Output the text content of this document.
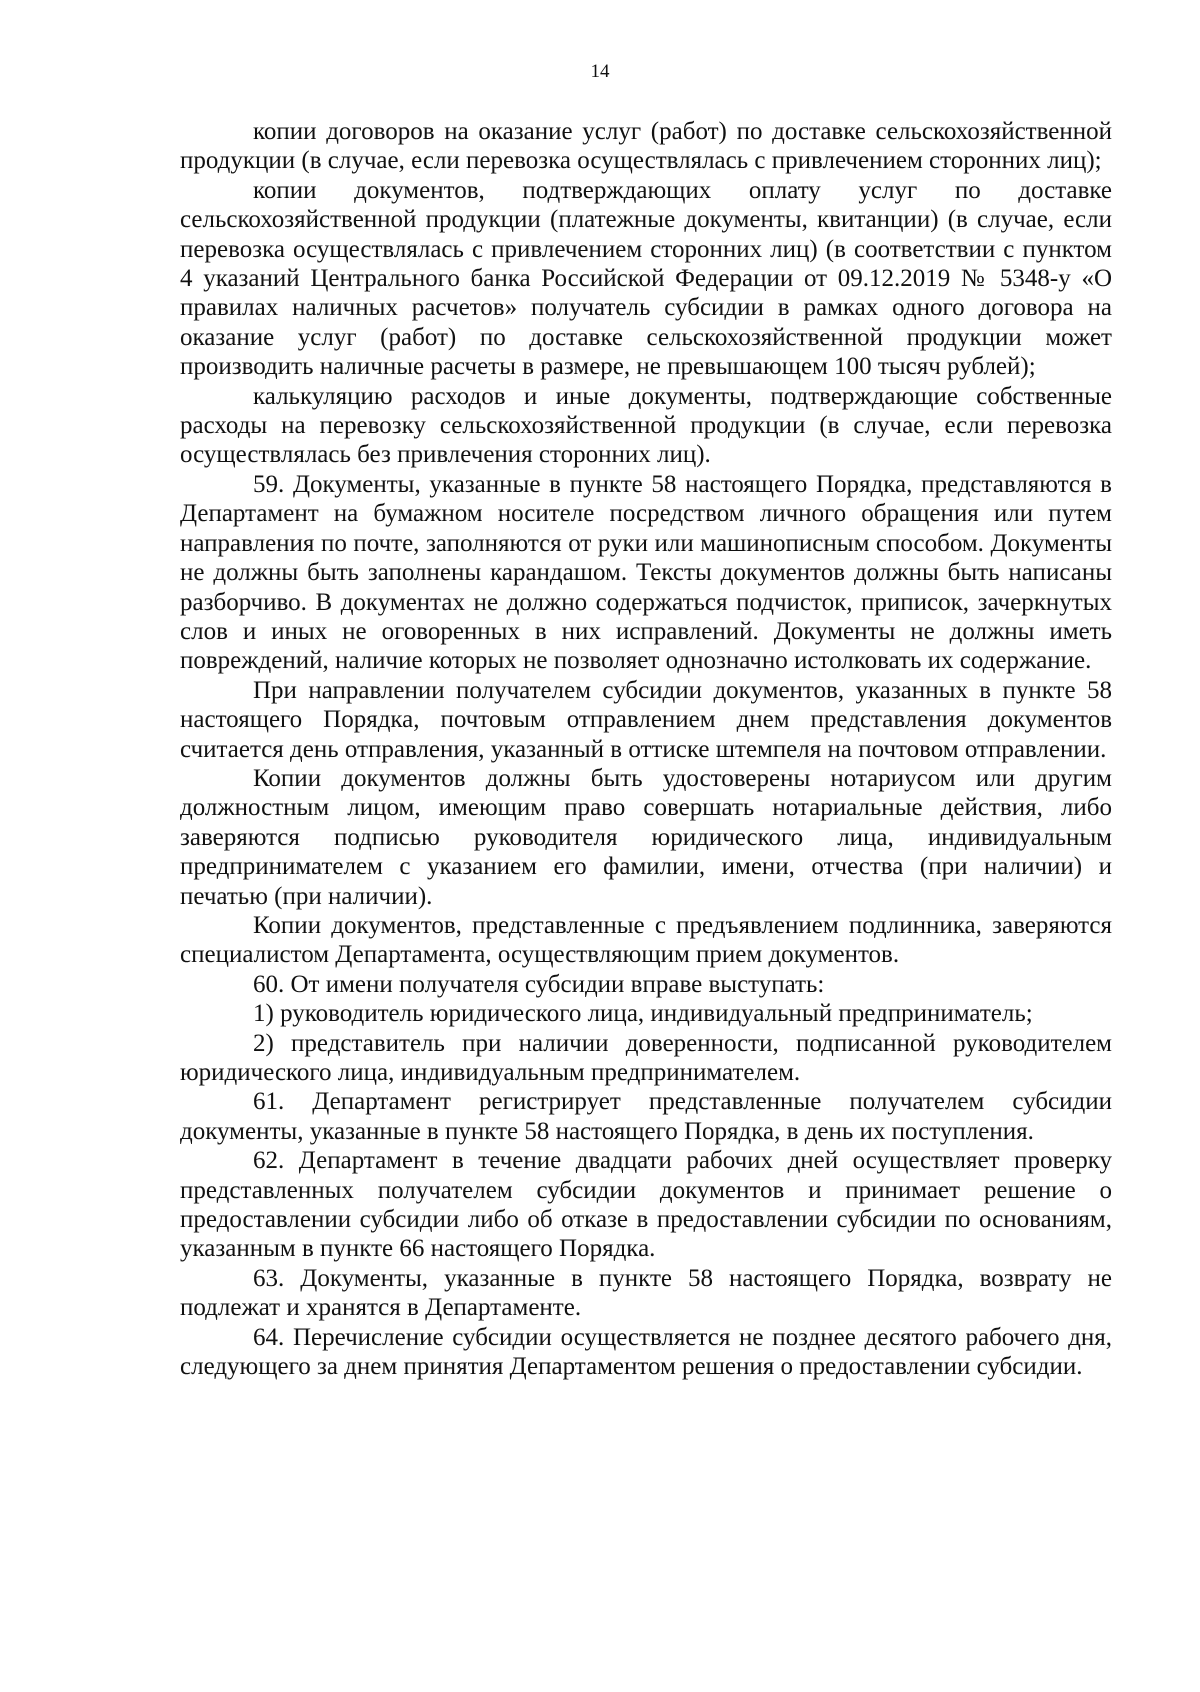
14

копии договоров на оказание услуг (работ) по доставке сельскохозяйственной продукции (в случае, если перевозка осуществлялась с привлечением сторонних лиц);

копии документов, подтверждающих оплату услуг по доставке сельскохозяйственной продукции (платежные документы, квитанции) (в случае, если перевозка осуществлялась с привлечением сторонних лиц) (в соответствии с пунктом 4 указаний Центрального банка Российской Федерации от 09.12.2019 № 5348-у «О правилах наличных расчетов» получатель субсидии в рамках одного договора на оказание услуг (работ) по доставке сельскохозяйственной продукции может производить наличные расчеты в размере, не превышающем 100 тысяч рублей);

калькуляцию расходов и иные документы, подтверждающие собственные расходы на перевозку сельскохозяйственной продукции (в случае, если перевозка осуществлялась без привлечения сторонних лиц).

59. Документы, указанные в пункте 58 настоящего Порядка, представляются в Департамент на бумажном носителе посредством личного обращения или путем направления по почте, заполняются от руки или машинописным способом. Документы не должны быть заполнены карандашом. Тексты документов должны быть написаны разборчиво. В документах не должно содержаться подчисток, приписок, зачеркнутых слов и иных не оговоренных в них исправлений. Документы не должны иметь повреждений, наличие которых не позволяет однозначно истолковать их содержание.

При направлении получателем субсидии документов, указанных в пункте 58 настоящего Порядка, почтовым отправлением днем представления документов считается день отправления, указанный в оттиске штемпеля на почтовом отправлении.

Копии документов должны быть удостоверены нотариусом или другим должностным лицом, имеющим право совершать нотариальные действия, либо заверяются подписью руководителя юридического лица, индивидуальным предпринимателем с указанием его фамилии, имени, отчества (при наличии) и печатью (при наличии).

Копии документов, представленные с предъявлением подлинника, заверяются специалистом Департамента, осуществляющим прием документов.

60. От имени получателя субсидии вправе выступать:

1) руководитель юридического лица, индивидуальный предприниматель;

2) представитель при наличии доверенности, подписанной руководителем юридического лица, индивидуальным предпринимателем.

61. Департамент регистрирует представленные получателем субсидии документы, указанные в пункте 58 настоящего Порядка, в день их поступления.

62. Департамент в течение двадцати рабочих дней осуществляет проверку представленных получателем субсидии документов и принимает решение о предоставлении субсидии либо об отказе в предоставлении субсидии по основаниям, указанным в пункте 66 настоящего Порядка.

63. Документы, указанные в пункте 58 настоящего Порядка, возврату не подлежат и хранятся в Департаменте.

64. Перечисление субсидии осуществляется не позднее десятого рабочего дня, следующего за днем принятия Департаментом решения о предоставлении субсидии.
